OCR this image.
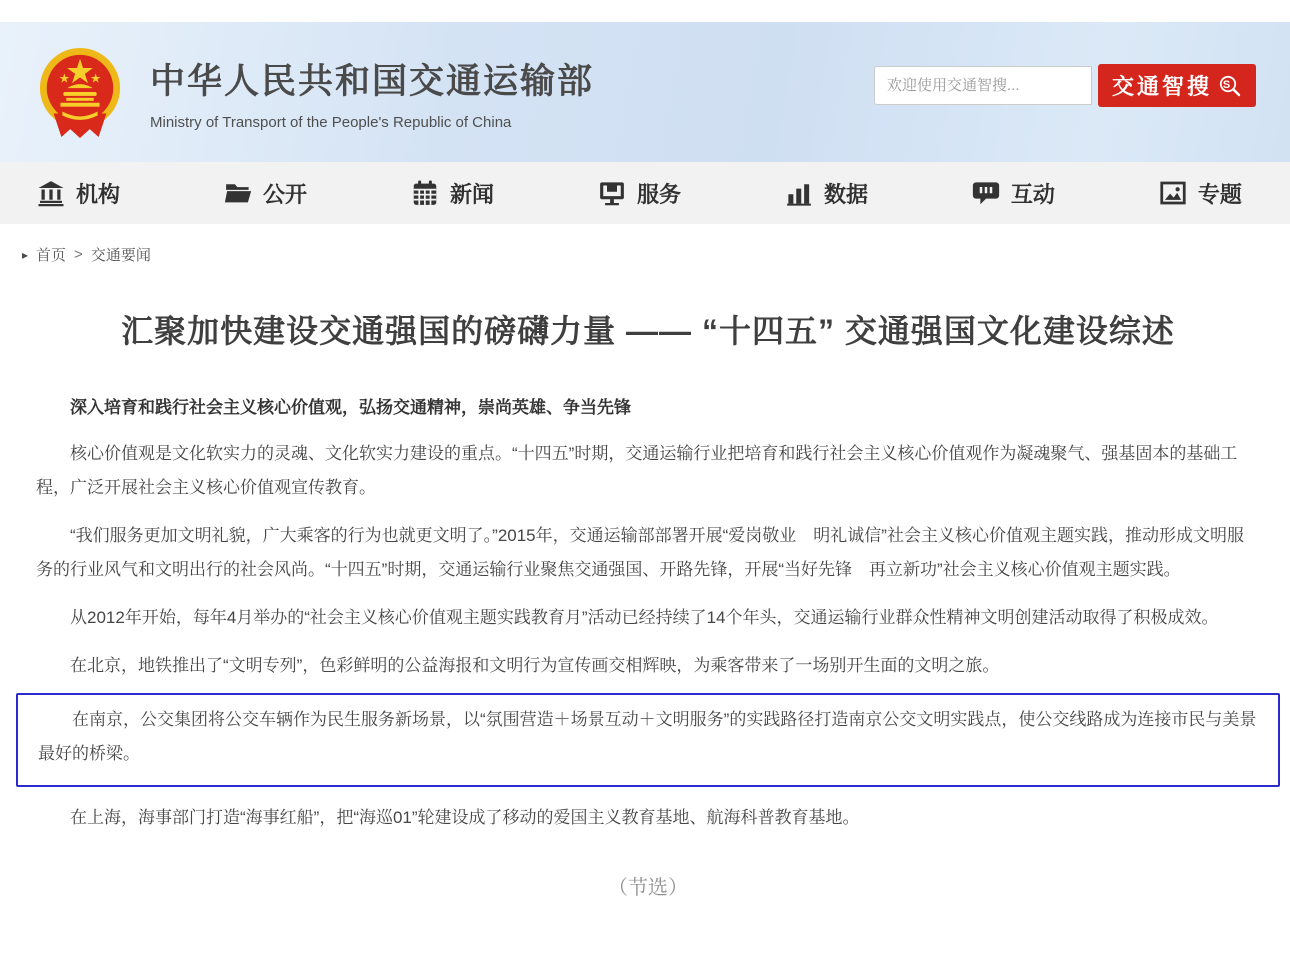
中华人民共和国交通运输部
Ministry of Transport of the People's Republic of China
欢迎使用交通智搜...
交通智搜 S
机构	公开	新闻	服务	数据	互动	专题
▸ 首页 > 交通要闻
汇聚加快建设交通强国的磅礴力量 —— “十四五” 交通强国文化建设综述

深入培育和践行社会主义核心价值观，弘扬交通精神，崇尚英雄、争当先锋

核心价值观是文化软实力的灵魂、文化软实力建设的重点。“十四五”时期，交通运输行业把培育和践行社会主义核心价值观作为凝魂聚气、强基固本的基础工程，广泛开展社会主义核心价值观宣传教育。

“我们服务更加文明礼貌，广大乘客的行为也就更文明了。”2015年，交通运输部部署开展“爱岗敬业　明礼诚信”社会主义核心价值观主题实践，推动形成文明服务的行业风气和文明出行的社会风尚。“十四五”时期，交通运输行业聚焦交通强国、开路先锋，开展“当好先锋　再立新功”社会主义核心价值观主题实践。

从2012年开始，每年4月举办的“社会主义核心价值观主题实践教育月”活动已经持续了14个年头，交通运输行业群众性精神文明创建活动取得了积极成效。

在北京，地铁推出了“文明专列”，色彩鲜明的公益海报和文明行为宣传画交相辉映，为乘客带来了一场别开生面的文明之旅。

在南京，公交集团将公交车辆作为民生服务新场景，以“氛围营造＋场景互动＋文明服务”的实践路径打造南京公交文明实践点，使公交线路成为连接市民与美景最好的桥梁。

在上海，海事部门打造“海事红船”，把“海巡01”轮建设成了移动的爱国主义教育基地、航海科普教育基地。

（节选）
